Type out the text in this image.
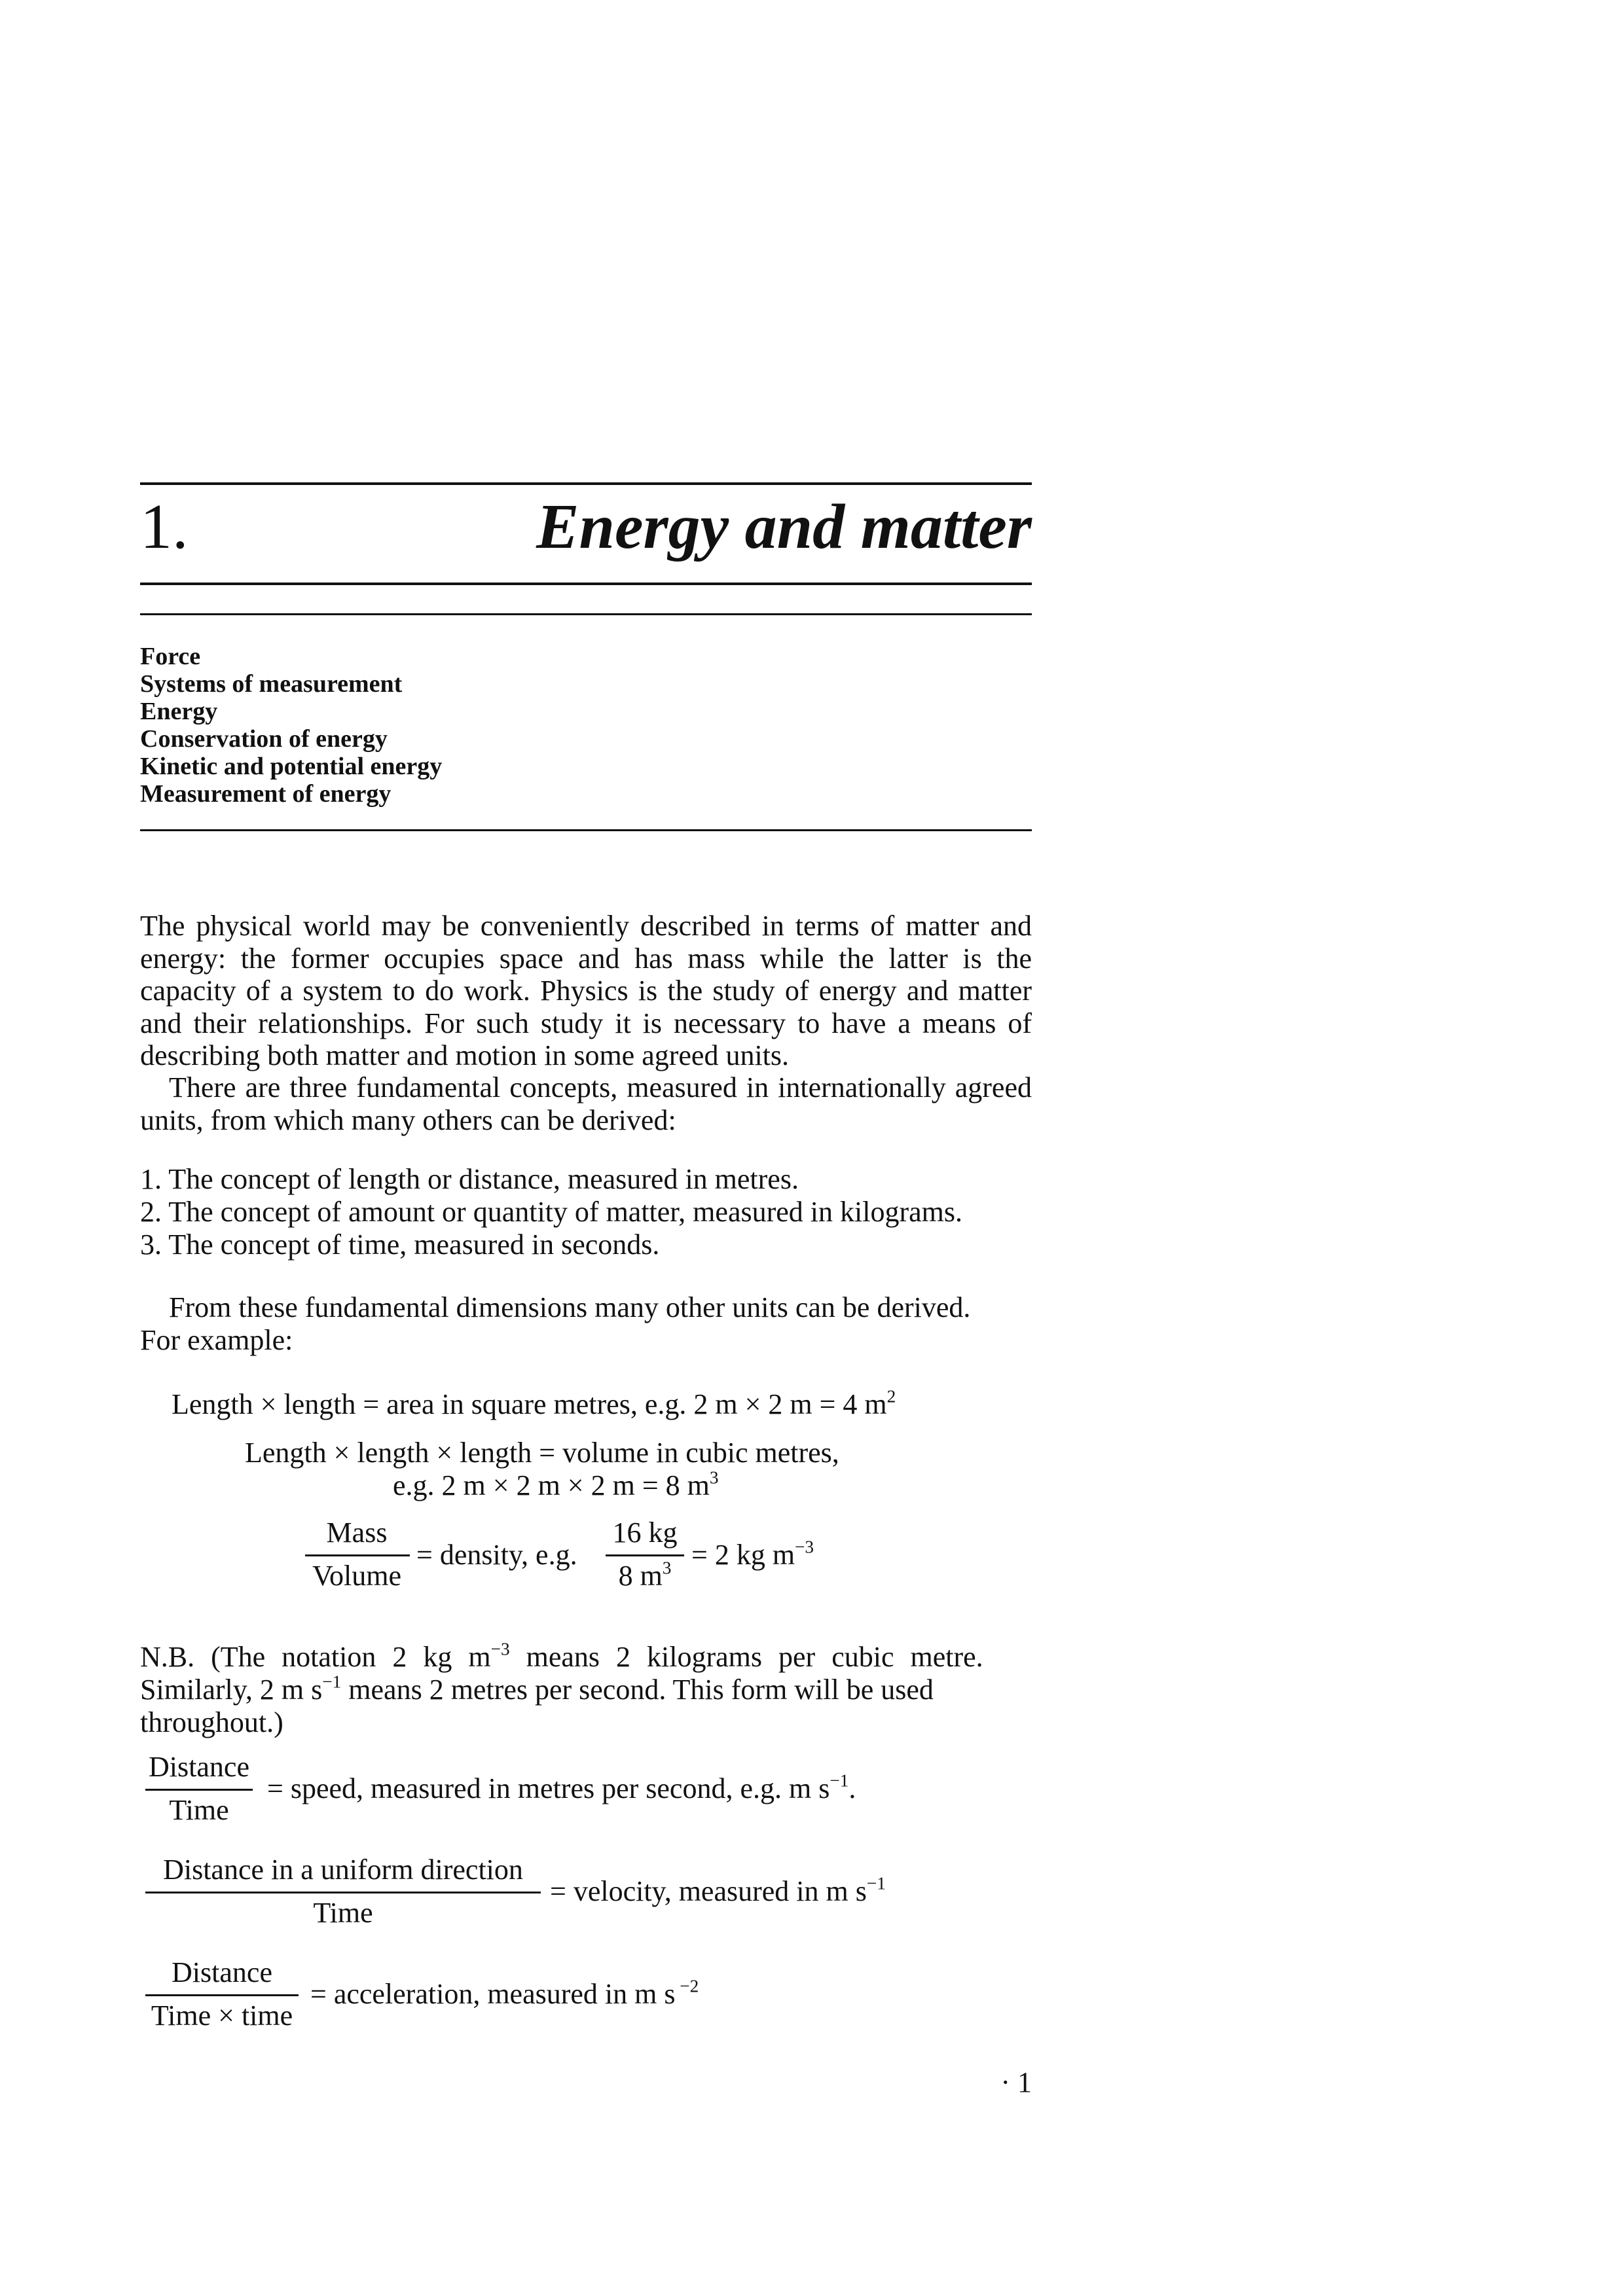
1.	Energy and matter
Force
Systems of measurement
Energy
Conservation of energy
Kinetic and potential energy
Measurement of energy
The physical world may be conveniently described in terms of matter and energy: the former occupies space and has mass while the latter is the capacity of a system to do work. Physics is the study of energy and matter and their relationships. For such study it is necessary to have a means of describing both matter and motion in some agreed units.
There are three fundamental concepts, measured in internationally agreed units, from which many others can be derived:
1. The concept of length or distance, measured in metres.
2. The concept of amount or quantity of matter, measured in kilograms.
3. The concept of time, measured in seconds.
From these fundamental dimensions many other units can be derived.
For example:
Length × length = area in square metres, e.g. 2 m × 2 m = 4 $m^2$
Length × length × length = volume in cubic metres,
e.g. 2 m × 2 m × 2 m = 8 $m^3$
Mass
Volume
= density, e.g.
16 kg
8 $m^3 = 2$ kg $m^{-3}$
N.B. (The notation 2 kg $m^{-3}$ means 2 kilograms per cubic metre.
Similarly, 2 m $s^{-1}$ means 2 metres per second. This form will be used
throughout.)
Distance
Time
= speed, measured in metres per second, e.g. m $s^{-1}$.
Distance in a uniform direction
Time
= velocity, measured in m $s^{-1}$
Distance
Time × time
= acceleration, measured in m s $^{-2}$
· 1
